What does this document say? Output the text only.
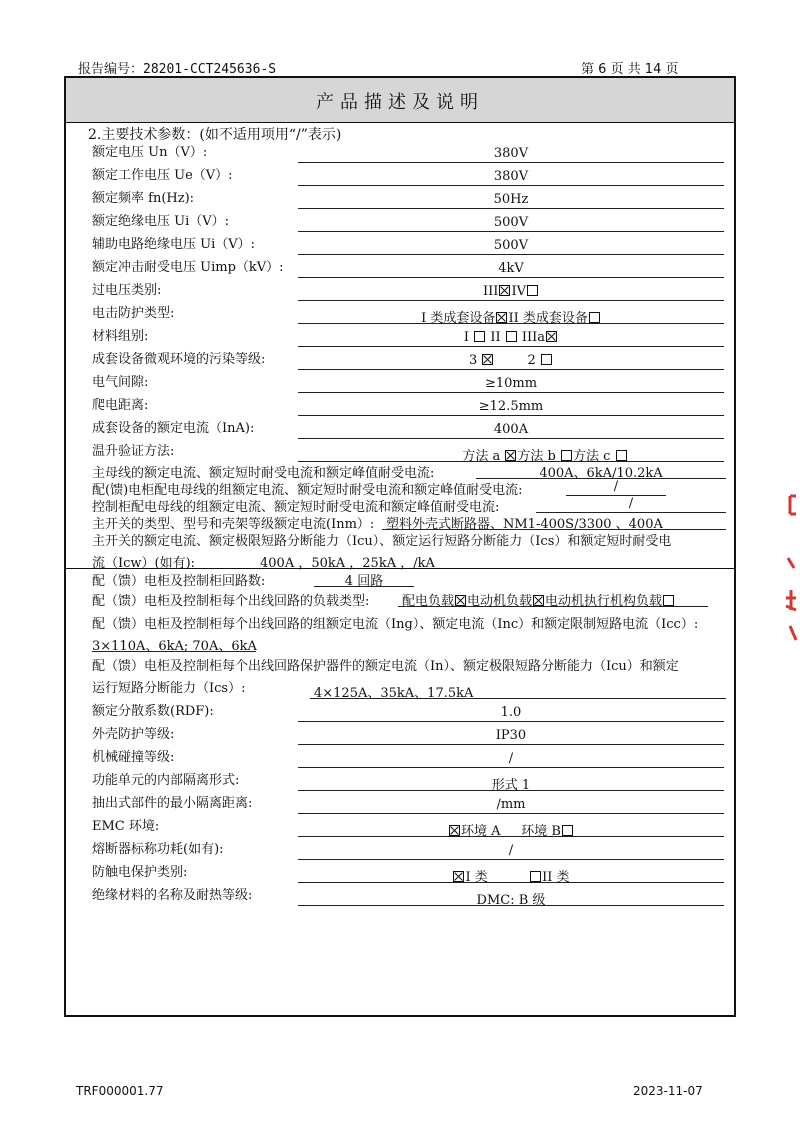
报告编号：28201-CCT245636-S	第 6 页 共 14 页
产品描述及说明
2.主要技术参数：(如不适用项用“/”表示)
额定电压 Un（V）:	380V
额定工作电压 Ue（V）:	380V
额定频率 fn(Hz):	50Hz
额定绝缘电压 Ui（V）:	500V
辅助电路绝缘电压 Ui（V）:	500V
额定冲击耐受电压 Uimp（kV）:	4kV
过电压类别:	III IV
电击防护类型:	I 类成套设备 II 类成套设备
材料组别:	I II IIIa
成套设备微观环境的污染等级:	3	2
电气间隙:	≥10mm
爬电距离:	≥12.5mm
成套设备的额定电流（InA):	400A
温升验证方法:	方法 a 方法 b 方法 c
主母线的额定电流、额定短时耐受电流和额定峰值耐受电流:	400A、6kA/10.2kA
配(馈)电柜配电母线的组额定电流、额定短时耐受电流和额定峰值耐受电流:	/
控制柜配电母线的组额定电流、额定短时耐受电流和额定峰值耐受电流:	/
主开关的类型、型号和壳架等级额定电流(Inm）: 塑料外壳式断路器、NM1-400S/3300 、400A
主开关的额定电流、额定极限短路分断能力（Icu）、额定运行短路分断能力（Ics）和额定短时耐受电
流（Icw）(如有):	400A ，50kA ，25kA ，/kA
配（馈）电柜及控制柜回路数:	4 回路
配（馈）电柜及控制柜每个出线回路的负载类型:	配电负载 电动机负载 电动机执行机构负载
配（馈）电柜及控制柜每个出线回路的组额定电流（Ing）、额定电流（Inc）和额定限制短路电流（Icc）:
3×110A、6kA; 70A、6kA
配（馈）电柜及控制柜每个出线回路保护器件的额定电流（In）、额定极限短路分断能力（Icu）和额定
运行短路分断能力（Ics）:	4×125A、35kA、17.5kA
额定分散系数(RDF):	1.0
外壳防护等级:	IP30
机械碰撞等级:	/
功能单元的内部隔离形式:	形式 1
抽出式部件的最小隔离距离:	/mm
EMC 环境:	环境 A 环境 B
熔断器标称功耗(如有):	/
防触电保护类别:	I 类	II 类
绝缘材料的名称及耐热等级:	DMC: B 级
TRF000001.77	2023-11-07
